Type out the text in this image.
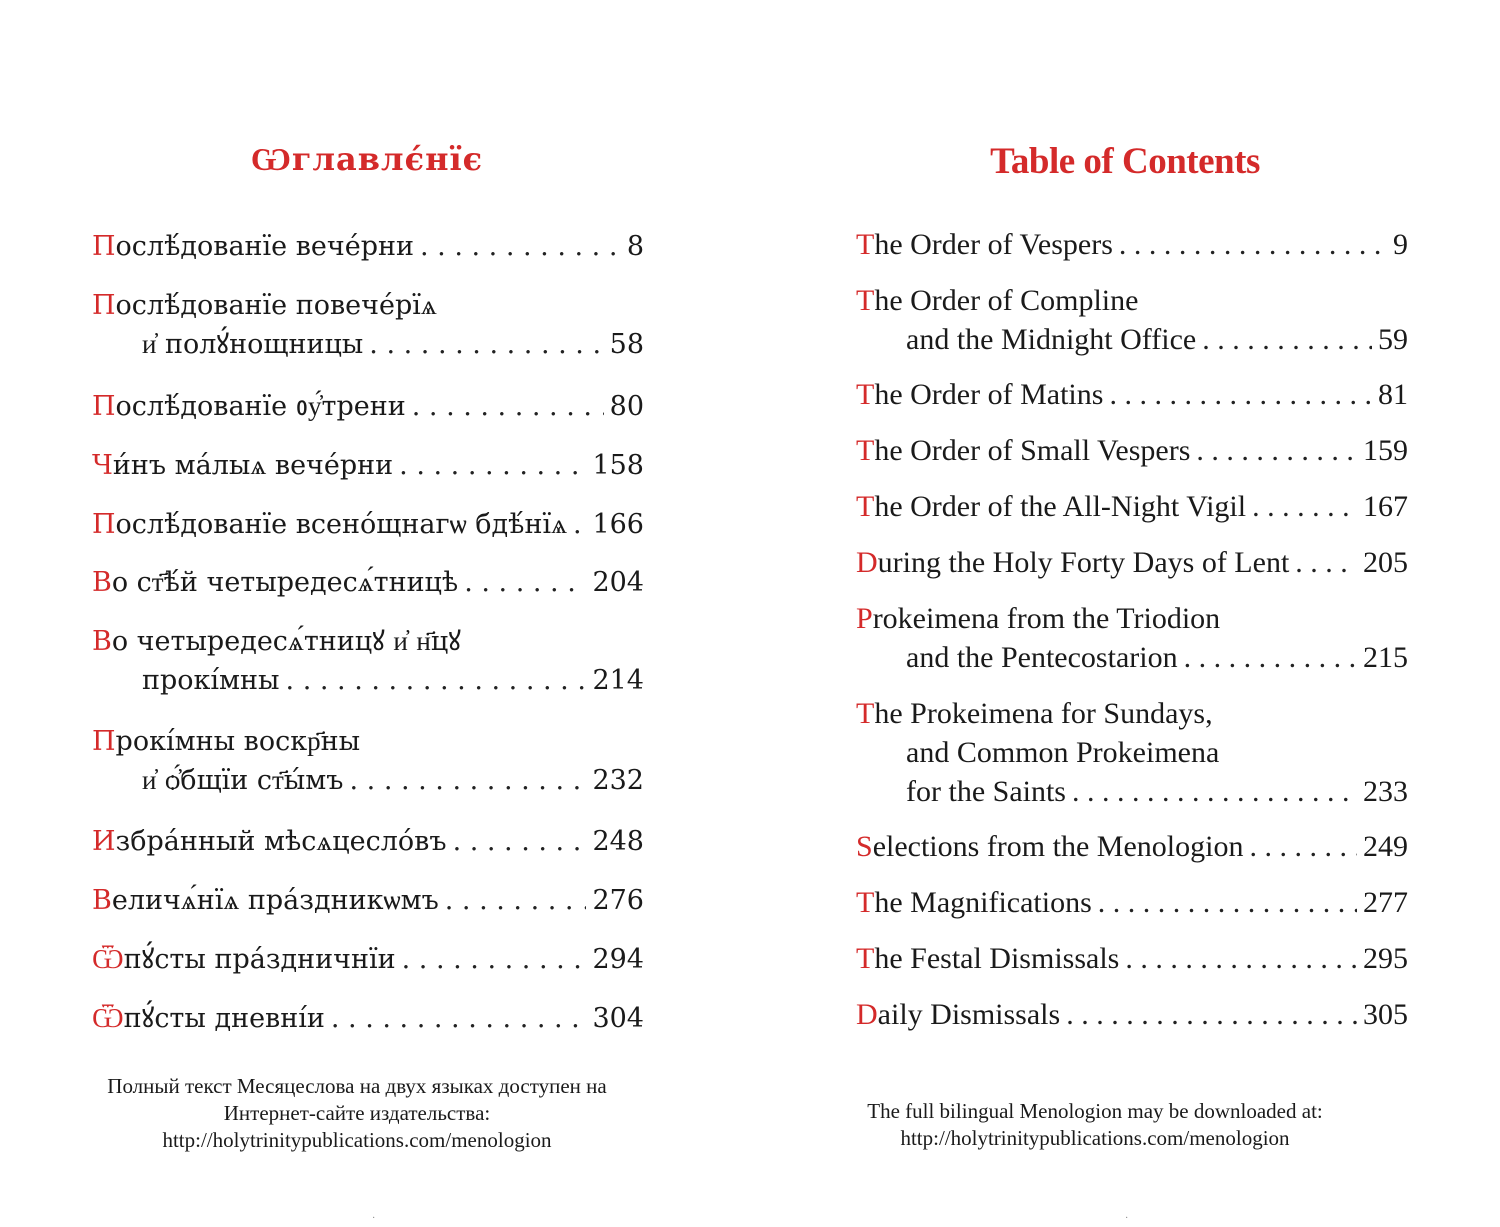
Ѡглавлє́нїє
Послѣ́дованїе вече́рни . . .	8
Послѣ́дованїе повече́рїѧ
и҆ полꙋ́нощницы . . .	58
Послѣ́дованїе ᲂу҆́трени . . .	80
Чи́нъ ма́лыѧ вече́рни . . .	158
Послѣ́дованїе всено́щнагѡ бдѣ́нїѧ . . . 166
Во ст҃ѣ́й четыредесѧ́тницѣ . . .	204
Во четыредесѧ́тницꙋ и҆ н҃цꙋ
прокі́мны . . .	214
Прокі́мны воскр҃ны
и҆ ѻ҆́бщїи ст҃ы́мъ . . .	232
Избра́нный мѣсѧцесло́въ . . .	248
Величѧ́нїѧ пра́здникѡмъ . . .	276
Ѿпꙋ́сты пра́здничнїи . . .	294
Ѿпꙋ́сты дневні́и . . .	304

Полный текст Месяцеслова на двух языках доступен на
Интернет-сайте издательства:
http://holytrinitypublications.com/menologion

·
Table of Contents
The Order of Vespers . . .	9
The Order of Compline
and the Midnight Office . . .	59
The Order of Matins . . .	81
The Order of Small Vespers . . .	159
The Order of the All-Night Vigil . . .	167
During the Holy Forty Days of Lent . . . 205
Prokeimena from the Triodion
and the Pentecostarion . . .	215
The Prokeimena for Sundays,
and Common Prokeimena
for the Saints . . .	233
Selections from the Menologion . . .	249
The Magnifications . . .	277
The Festal Dismissals . . .	295
Daily Dismissals . . .	305

The full bilingual Menologion may be downloaded at:
http://holytrinitypublications.com/menologion

·
